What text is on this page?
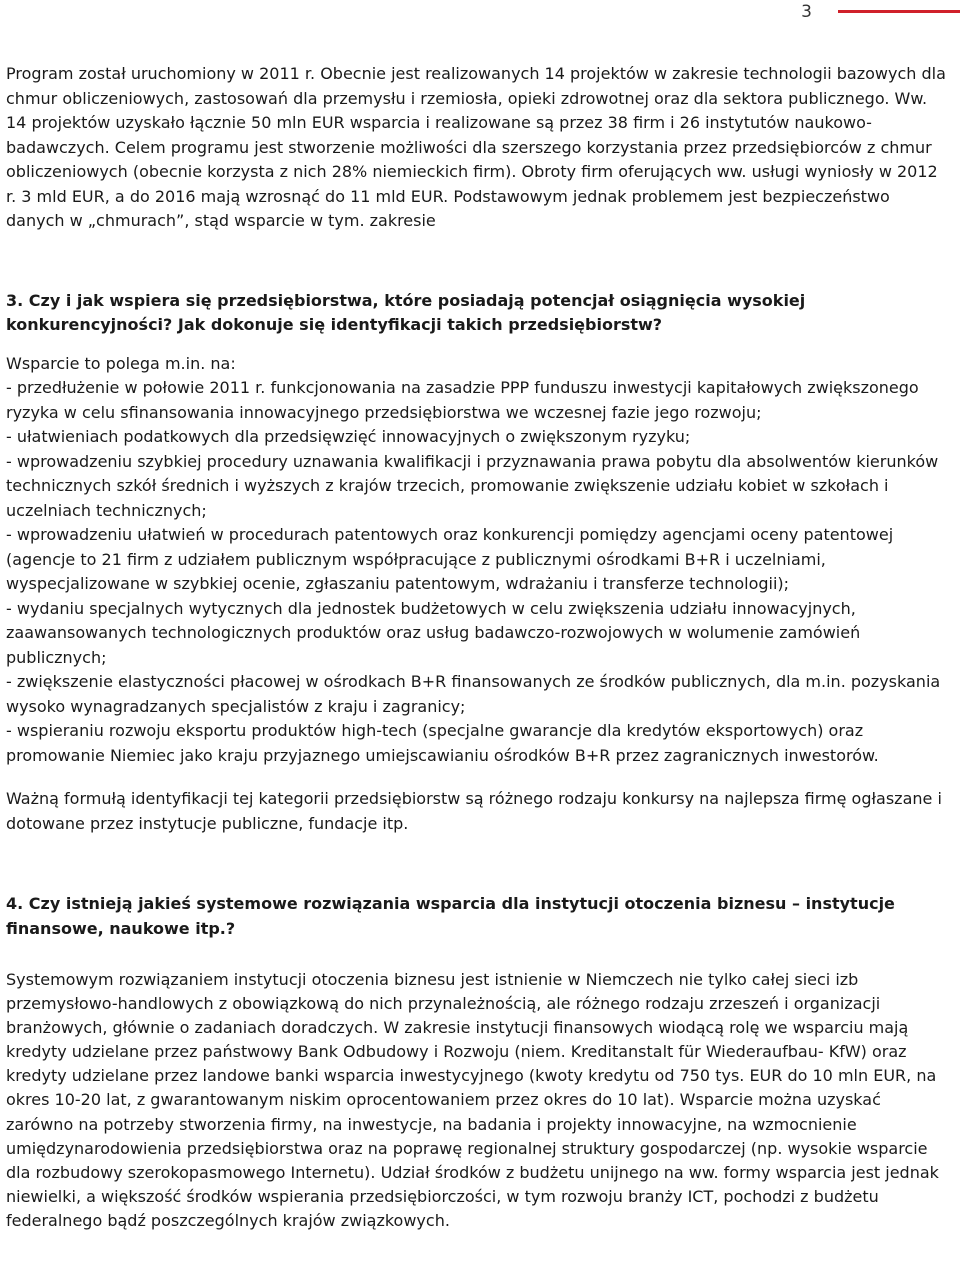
3

Program został uruchomiony w 2011 r. Obecnie jest realizowanych 14 projektów w zakresie technologii bazowych dla chmur obliczeniowych, zastosowań dla przemysłu i rzemiosła, opieki zdrowotnej oraz dla sektora publicznego. Ww. 14 projektów uzyskało łącznie 50 mln EUR wsparcia i realizowane są przez 38 firm i 26 instytutów naukowo-badawczych. Celem programu jest stworzenie możliwości dla szerszego korzystania przez przedsiębiorców z chmur obliczeniowych (obecnie korzysta z nich 28% niemieckich firm). Obroty firm oferujących ww. usługi wyniosły w 2012 r. 3 mld EUR, a do 2016 mają wzrosnąć do 11 mld EUR. Podstawowym jednak problemem jest bezpieczeństwo danych w „chmurach”, stąd wsparcie w tym. zakresie

3. Czy i jak wspiera się przedsiębiorstwa, które posiadają potencjał osiągnięcia wysokiej konkurencyjności? Jak dokonuje się identyfikacji takich przedsiębiorstw?

Wsparcie to polega m.in. na:

- przedłużenie w połowie 2011 r. funkcjonowania na zasadzie PPP funduszu inwestycji kapitałowych zwiększonego ryzyka w celu sfinansowania innowacyjnego przedsiębiorstwa we wczesnej fazie jego rozwoju;

- ułatwieniach podatkowych dla przedsięwzięć innowacyjnych o zwiększonym ryzyku;

- wprowadzeniu szybkiej procedury uznawania kwalifikacji i przyznawania prawa pobytu dla absolwentów kierunków technicznych szkół średnich i wyższych z krajów trzecich, promowanie zwiększenie udziału kobiet w szkołach i uczelniach technicznych;

- wprowadzeniu ułatwień w procedurach patentowych oraz konkurencji pomiędzy agencjami oceny patentowej (agencje to 21 firm z udziałem publicznym współpracujące z publicznymi ośrodkami B+R i uczelniami, wyspecjalizowane w szybkiej ocenie, zgłaszaniu patentowym, wdrażaniu i transferze technologii);

- wydaniu specjalnych wytycznych dla jednostek budżetowych w celu zwiększenia udziału innowacyjnych, zaawansowanych technologicznych produktów oraz usług badawczo-rozwojowych w wolumenie zamówień publicznych;

- zwiększenie elastyczności płacowej w ośrodkach B+R finansowanych ze środków publicznych, dla m.in. pozyskania wysoko wynagradzanych specjalistów z kraju i zagranicy;

- wspieraniu rozwoju eksportu produktów high-tech (specjalne gwarancje dla kredytów eksportowych) oraz promowanie Niemiec jako kraju przyjaznego umiejscawianiu ośrodków B+R przez zagranicznych inwestorów.

Ważną formułą identyfikacji tej kategorii przedsiębiorstw są różnego rodzaju konkursy na najlepsza firmę ogłaszane i dotowane przez instytucje publiczne, fundacje itp.

4. Czy istnieją jakieś systemowe rozwiązania wsparcia dla instytucji otoczenia biznesu – instytucje finansowe, naukowe itp.?

Systemowym rozwiązaniem instytucji otoczenia biznesu jest istnienie w Niemczech nie tylko całej sieci izb przemysłowo-handlowych z obowiązkową do nich przynależnością, ale różnego rodzaju zrzeszeń i organizacji branżowych, głównie o zadaniach doradczych. W zakresie instytucji finansowych wiodącą rolę we wsparciu mają kredyty udzielane przez państwowy Bank Odbudowy i Rozwoju (niem. Kreditanstalt für Wiederaufbau- KfW) oraz kredyty udzielane przez landowe banki wsparcia inwestycyjnego (kwoty kredytu od 750 tys. EUR do 10 mln EUR, na okres 10-20 lat, z gwarantowanym niskim oprocentowaniem przez okres do 10 lat). Wsparcie można uzyskać zarówno na potrzeby stworzenia firmy, na inwestycje, na badania i projekty innowacyjne, na wzmocnienie umiędzynarodowienia przedsiębiorstwa oraz na poprawę regionalnej struktury gospodarczej (np. wysokie wsparcie dla rozbudowy szerokopasmowego Internetu). Udział środków z budżetu unijnego na ww. formy wsparcia jest jednak niewielki, a większość środków wspierania przedsiębiorczości, w tym rozwoju branży ICT, pochodzi z budżetu federalnego bądź poszczególnych krajów związkowych.
